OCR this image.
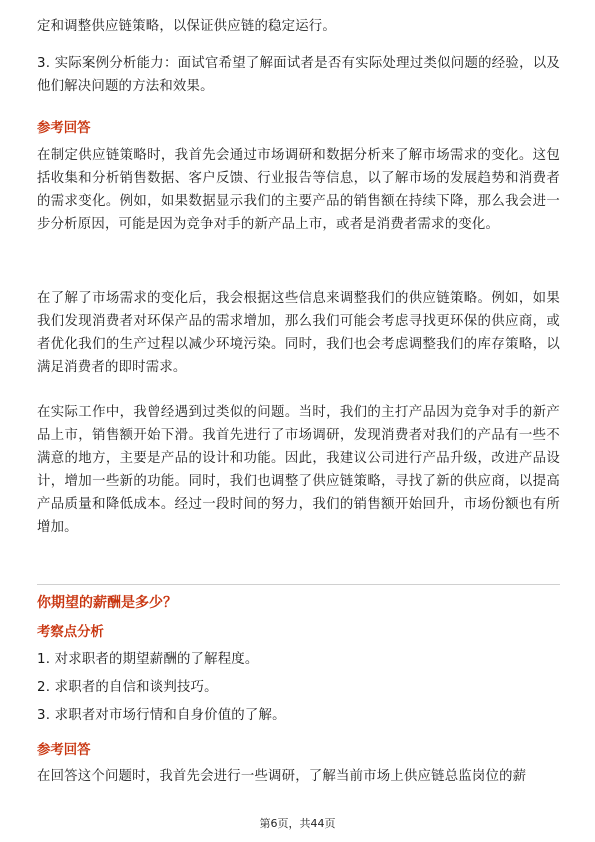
定和调整供应链策略，以保证供应链的稳定运行。

3. 实际案例分析能力：面试官希望了解面试者是否有实际处理过类似问题的经验，以及他们解决问题的方法和效果。

参考回答

在制定供应链策略时，我首先会通过市场调研和数据分析来了解市场需求的变化。这包括收集和分析销售数据、客户反馈、行业报告等信息，以了解市场的发展趋势和消费者的需求变化。例如，如果数据显示我们的主要产品的销售额在持续下降，那么我会进一步分析原因，可能是因为竞争对手的新产品上市，或者是消费者需求的变化。

在了解了市场需求的变化后，我会根据这些信息来调整我们的供应链策略。例如，如果我们发现消费者对环保产品的需求增加，那么我们可能会考虑寻找更环保的供应商，或者优化我们的生产过程以减少环境污染。同时，我们也会考虑调整我们的库存策略，以满足消费者的即时需求。

在实际工作中，我曾经遇到过类似的问题。当时，我们的主打产品因为竞争对手的新产品上市，销售额开始下滑。我首先进行了市场调研，发现消费者对我们的产品有一些不满意的地方，主要是产品的设计和功能。因此，我建议公司进行产品升级，改进产品设计，增加一些新的功能。同时，我们也调整了供应链策略，寻找了新的供应商，以提高产品质量和降低成本。经过一段时间的努力，我们的销售额开始回升，市场份额也有所增加。

你期望的薪酬是多少？
考察点分析

1. 对求职者的期望薪酬的了解程度。

2. 求职者的自信和谈判技巧。

3. 求职者对市场行情和自身价值的了解。

参考回答

在回答这个问题时，我首先会进行一些调研，了解当前市场上供应链总监岗位的薪

第6页，共44页
